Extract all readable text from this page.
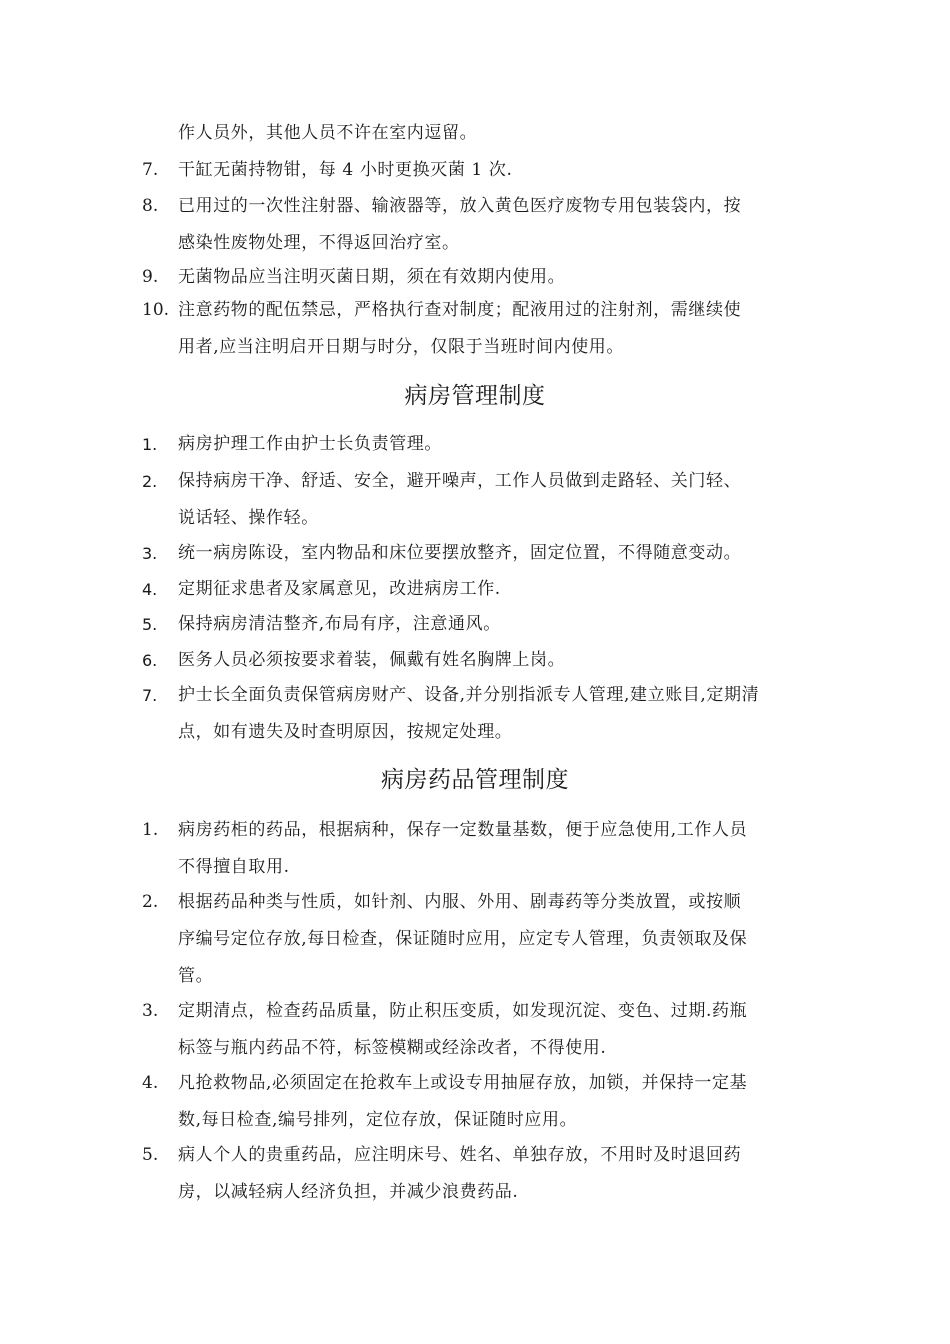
作人员外，其他人员不许在室内逗留。
7.	干缸无菌持物钳，每 4 小时更换灭菌 1 次.
8.	已用过的一次性注射器、输液器等，放入黄色医疗废物专用包装袋内，按
感染性废物处理，不得返回治疗室。
9.	无菌物品应当注明灭菌日期，须在有效期内使用。
10. 注意药物的配伍禁忌，严格执行查对制度；配液用过的注射剂，需继续使
用者,应当注明启开日期与时分，仅限于当班时间内使用。
病房管理制度
1.	病房护理工作由护士长负责管理。
2.	保持病房干净、舒适、安全，避开噪声，工作人员做到走路轻、关门轻、
说话轻、操作轻。
3.	统一病房陈设，室内物品和床位要摆放整齐，固定位置，不得随意变动。
4.	定期征求患者及家属意见，改进病房工作.
5.	保持病房清洁整齐,布局有序，注意通风。
6.	医务人员必须按要求着装，佩戴有姓名胸牌上岗。
7.	护士长全面负责保管病房财产、设备,并分别指派专人管理,建立账目,定期清
点，如有遗失及时查明原因，按规定处理。
病房药品管理制度
1.	病房药柜的药品，根据病种，保存一定数量基数，便于应急使用,工作人员
不得擅自取用.
2.	根据药品种类与性质，如针剂、内服、外用、剧毒药等分类放置，或按顺
序编号定位存放,每日检查，保证随时应用，应定专人管理，负责领取及保
管。
3.	定期清点，检查药品质量，防止积压变质，如发现沉淀、变色、过期.药瓶
标签与瓶内药品不符，标签模糊或经涂改者，不得使用.
4.	凡抢救物品,必须固定在抢救车上或设专用抽屉存放，加锁，并保持一定基
数,每日检查,编号排列，定位存放，保证随时应用。
5.	病人个人的贵重药品，应注明床号、姓名、单独存放，不用时及时退回药
房，以减轻病人经济负担，并减少浪费药品.
